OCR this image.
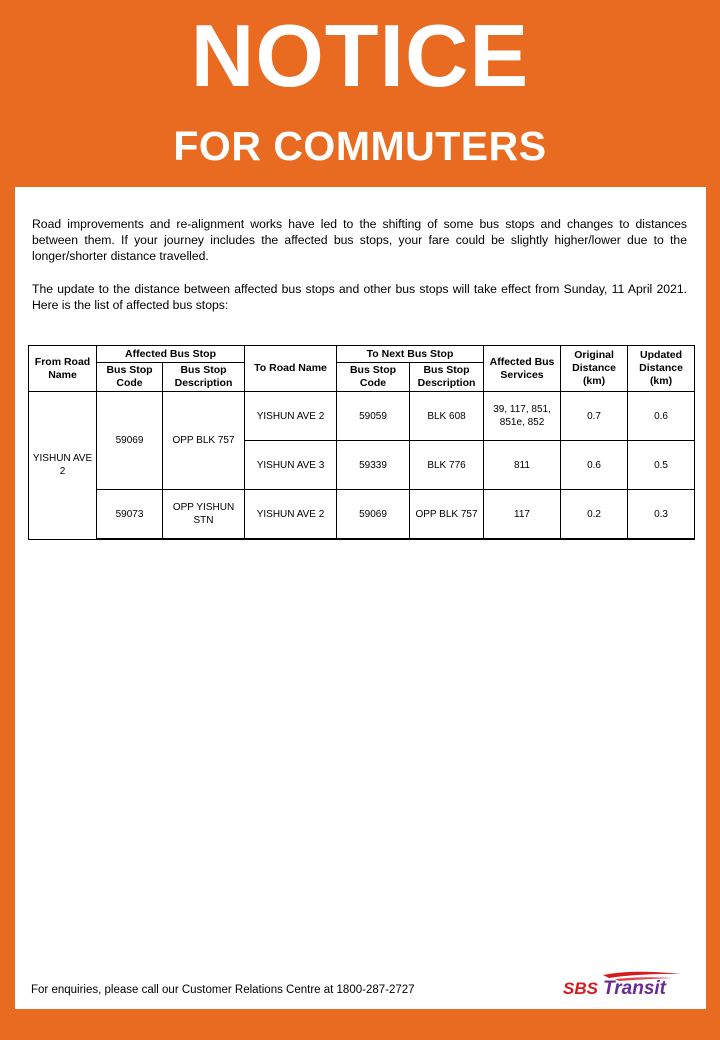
NOTICE
FOR COMMUTERS

Road improvements and re-alignment works have led to the shifting of some bus stops and changes to distances between them. If your journey includes the affected bus stops, your fare could be slightly higher/lower due to the longer/shorter distance travelled.

The update to the distance between affected bus stops and other bus stops will take effect from Sunday, 11 April 2021. Here is the list of affected bus stops:

From Road Name	Affected Bus Stop		To Road Name	To Next Bus Stop		Affected Bus Services	Original Distance (km)	Updated Distance (km)
	Bus Stop Code	Bus Stop Description		Bus Stop Code	Bus Stop Description			
YISHUN AVE 2	59069	OPP BLK 757	YISHUN AVE 2	59059	BLK 608	39, 117, 851, 851e, 852	0.7	0.6
			YISHUN AVE 3	59339	BLK 776	811	0.6	0.5
	59073	OPP YISHUN STN	YISHUN AVE 2	59069	OPP BLK 757	117	0.2	0.3
For enquiries, please call our Customer Relations Centre at 1800-287-2727	SBS Transit
